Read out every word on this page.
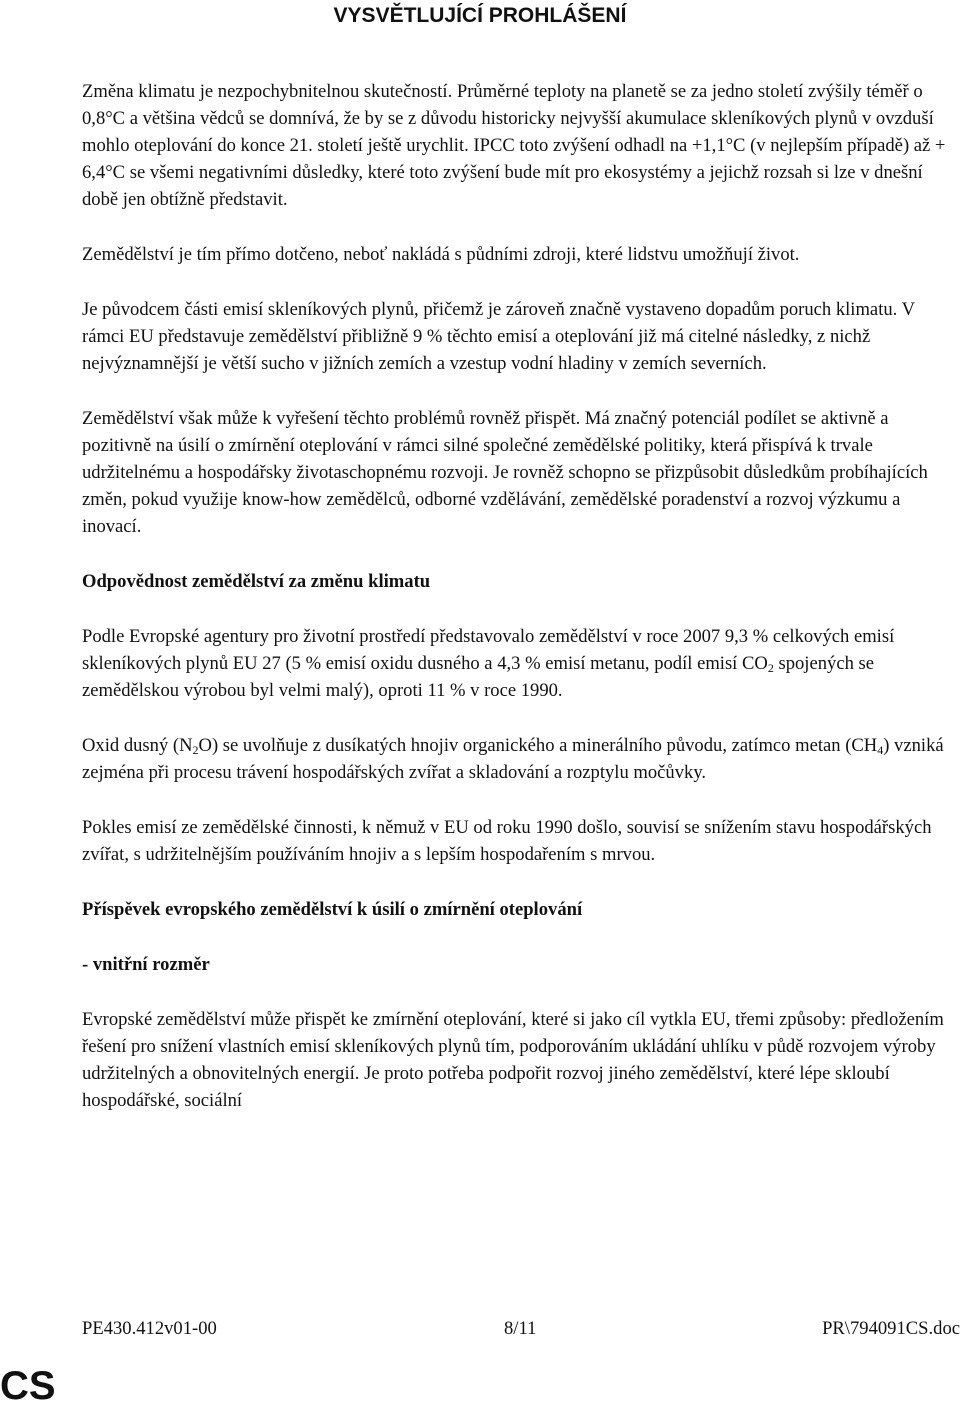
VYSVĚTLUJÍCÍ PROHLÁŠENÍ

Změna klimatu je nezpochybnitelnou skutečností. Průměrné teploty na planetě se za jedno století zvýšily téměř o 0,8°C a většina vědců se domnívá, že by se z důvodu historicky nejvyšší akumulace skleníkových plynů v ovzduší mohlo oteplování do konce 21. století ještě urychlit. IPCC toto zvýšení odhadl na +1,1°C (v nejlepším případě) až + 6,4°C se všemi negativními důsledky, které toto zvýšení bude mít pro ekosystémy a jejichž rozsah si lze v dnešní době jen obtížně představit.

Zemědělství je tím přímo dotčeno, neboť nakládá s půdními zdroji, které lidstvu umožňují život.

Je původcem části emisí skleníkových plynů, přičemž je zároveň značně vystaveno dopadům poruch klimatu. V rámci EU představuje zemědělství přibližně 9 % těchto emisí a oteplování již má citelné následky, z nichž nejvýznamnější je větší sucho v jižních zemích a vzestup vodní hladiny v zemích severních.

Zemědělství však může k vyřešení těchto problémů rovněž přispět. Má značný potenciál podílet se aktivně a pozitivně na úsilí o zmírnění oteplování v rámci silné společné zemědělské politiky, která přispívá k trvale udržitelnému a hospodářsky životaschopnému rozvoji. Je rovněž schopno se přizpůsobit důsledkům probíhajících změn, pokud využije know-how zemědělců, odborné vzdělávání, zemědělské poradenství a rozvoj výzkumu a inovací.

Odpovědnost zemědělství za změnu klimatu

Podle Evropské agentury pro životní prostředí představovalo zemědělství v roce 2007 9,3 % celkových emisí skleníkových plynů EU 27 (5 % emisí oxidu dusného a 4,3 % emisí metanu, podíl emisí $CO_2$ spojených se zemědělskou výrobou byl velmi malý), oproti 11 % v roce 1990.

Oxid dusný $(N_2O)$ se uvolňuje z dusíkatých hnojiv organického a minerálního původu, zatímco metan $(CH_4)$ vzniká zejména při procesu trávení hospodářských zvířat a skladování a rozptylu močůvky.

Pokles emisí ze zemědělské činnosti, k němuž v EU od roku 1990 došlo, souvisí se snížením stavu hospodářských zvířat, s udržitelnějším používáním hnojiv a s lepším hospodařením s mrvou.

Příspěvek evropského zemědělství k úsilí o zmírnění oteplování
- vnitřní rozměr

Evropské zemědělství může přispět ke zmírnění oteplování, které si jako cíl vytkla EU, třemi způsoby: předložením řešení pro snížení vlastních emisí skleníkových plynů tím, podporováním ukládání uhlíku v půdě rozvojem výroby udržitelných a obnovitelných energií. Je proto potřeba podpořit rozvoj jiného zemědělství, které lépe skloubí hospodářské, sociální

PE430.412v01-00	8/11	PR\794091CS.doc
CS
